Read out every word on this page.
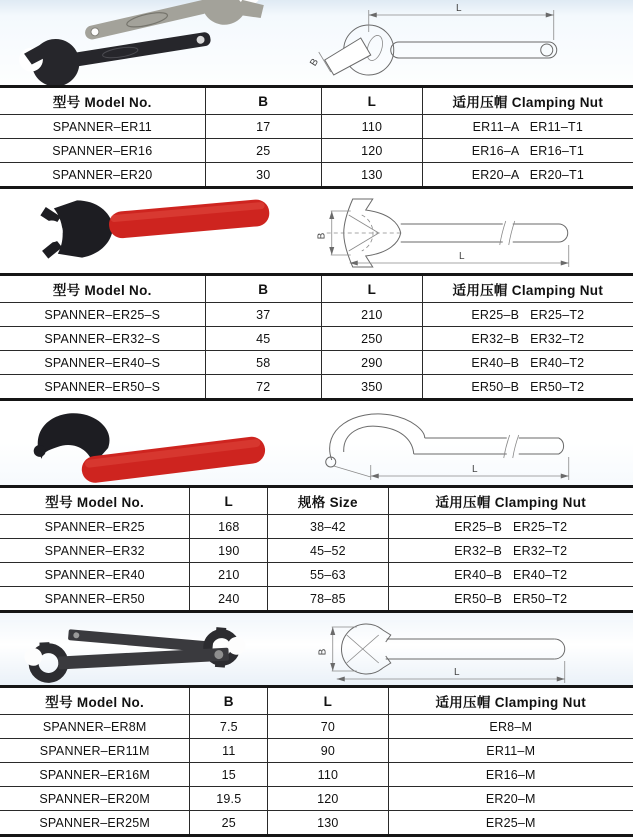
L
B
型号 Model No.	B	L	适用压帽 Clamping Nut
SPANNER–ER11	17	110	ER11–A   ER11–T1
SPANNER–ER16	25	120	ER16–A   ER16–T1
SPANNER–ER20	30	130	ER20–A   ER20–T1
B
L
型号 Model No.	B	L	适用压帽 Clamping Nut
SPANNER–ER25–S	37	210	ER25–B   ER25–T2
SPANNER–ER32–S	45	250	ER32–B   ER32–T2
SPANNER–ER40–S	58	290	ER40–B   ER40–T2
SPANNER–ER50–S	72	350	ER50–B   ER50–T2
L
型号 Model No.	L	规格 Size	适用压帽 Clamping Nut
SPANNER–ER25	168	38–42	ER25–B   ER25–T2
SPANNER–ER32	190	45–52	ER32–B   ER32–T2
SPANNER–ER40	210	55–63	ER40–B   ER40–T2
SPANNER–ER50	240	78–85	ER50–B   ER50–T2
B
L
型号 Model No.	B	L	适用压帽 Clamping Nut
SPANNER–ER8M	7.5	70	ER8–M
SPANNER–ER11M	11	90	ER11–M
SPANNER–ER16M	15	110	ER16–M
SPANNER–ER20M	19.5	120	ER20–M
SPANNER–ER25M	25	130	ER25–M
